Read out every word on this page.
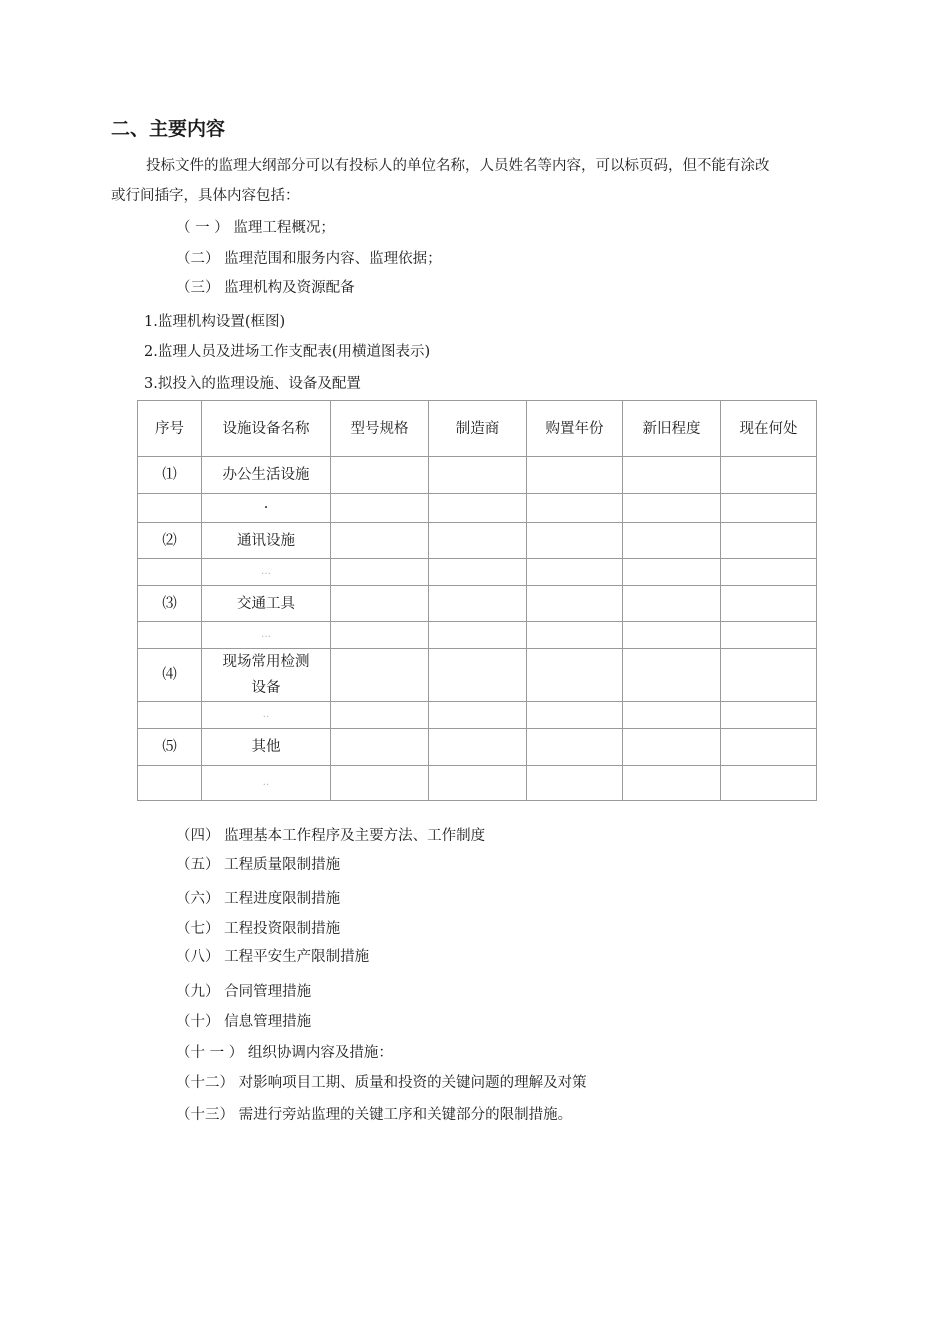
二、主要内容
投标文件的监理大纲部分可以有投标人的单位名称，人员姓名等内容，可以标页码，但不能有涂改
或行间插字，具体内容包括：
（ 一 ） 监理工程概况；
（二） 监理范围和服务内容、监理依据；
（三） 监理机构及资源配备
1.监理机构设置(框图)
2.监理人员及进场工作支配表(用横道图表示)
3.拟投入的监理设施、设备及配置
序号	设施设备名称	型号规格	制造商	购置年份	新旧程度	现在何处
⑴	办公生活设施					
	·					
⑵	通讯设施					
	…					
⑶	交通工具					
	…					
⑷	现场常用检测设备					
	‥					
⑸	其他					
	‥					
（四） 监理基本工作程序及主要方法、工作制度
（五） 工程质量限制措施
（六） 工程进度限制措施
（七） 工程投资限制措施
（八） 工程平安生产限制措施
（九） 合同管理措施
（十） 信息管理措施
（十 一 ） 组织协调内容及措施：
（十二） 对影响项目工期、质量和投资的关键问题的理解及对策
（十三） 需进行旁站监理的关键工序和关键部分的限制措施。
